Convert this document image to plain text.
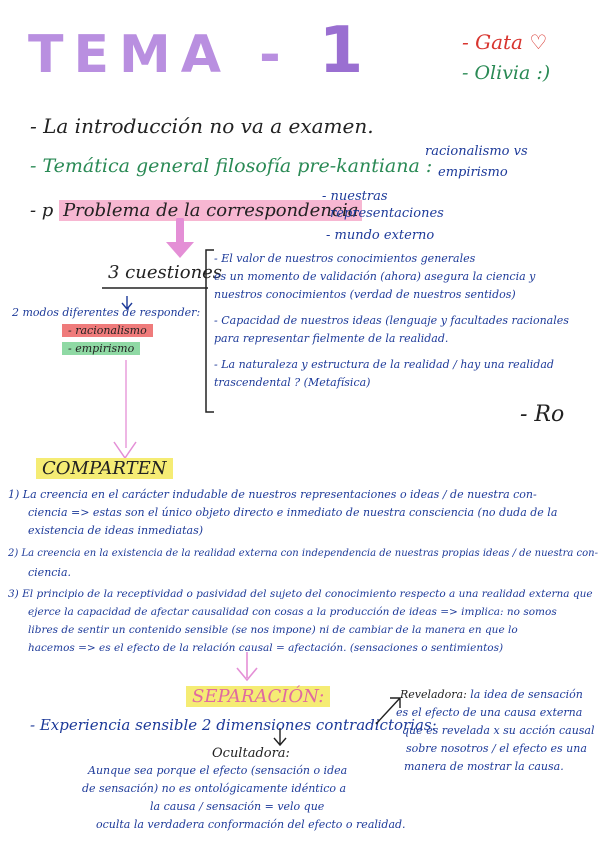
TEMA - 1	- Gata ♡
- Olivia :)
- La introducción no va a examen.
- Temática general filosofía pre-kantiana :
racionalismo vs
empirismo
- p Problema de la correspondencia
- nuestras
representaciones
- mundo externo
3 cuestiones
2 modos diferentes de responder:
- racionalismo
- empirismo
- El valor de nuestros conocimientos generales
es un momento de validación (ahora) asegura la ciencia y
nuestros conocimientos (verdad de nuestros sentidos)
- Capacidad de nuestros ideas (lenguaje y facultades racionales
para representar fielmente de la realidad.
- La naturaleza y estructura de la realidad / hay una realidad
trascendental ? (Metafísica)
- Ro
COMPARTEN
1) La creencia en el carácter indudable de nuestros representaciones o ideas / de nuestra con-
ciencia => estas son el único objeto directo e inmediato de nuestra consciencia (no duda de la
existencia de ideas inmediatas)
2) La creencia en la existencia de la realidad externa con independencia de nuestras propias ideas / de nuestra con-
ciencia.
3) El principio de la receptividad o pasividad del sujeto del conocimiento respecto a una realidad externa que
ejerce la capacidad de afectar causalidad con cosas a la producción de ideas => implica: no somos
libres de sentir un contenido sensible (se nos impone) ni de cambiar de la manera en que lo
hacemos => es el efecto de la relación causal = afectación. (sensaciones o sentimientos)
SEPARACIÓN:
- Experiencia sensible 2 dimensiones contradictorias:
Reveladora: la idea de sensación
es el efecto de una causa externa
que es revelada x su acción causal
sobre nosotros / el efecto es una
manera de mostrar la causa.
Ocultadora:
Aunque sea porque el efecto (sensación o idea
de sensación) no es ontológicamente idéntico a
la causa / sensación = velo que
oculta la verdadera conformación del efecto o realidad.
